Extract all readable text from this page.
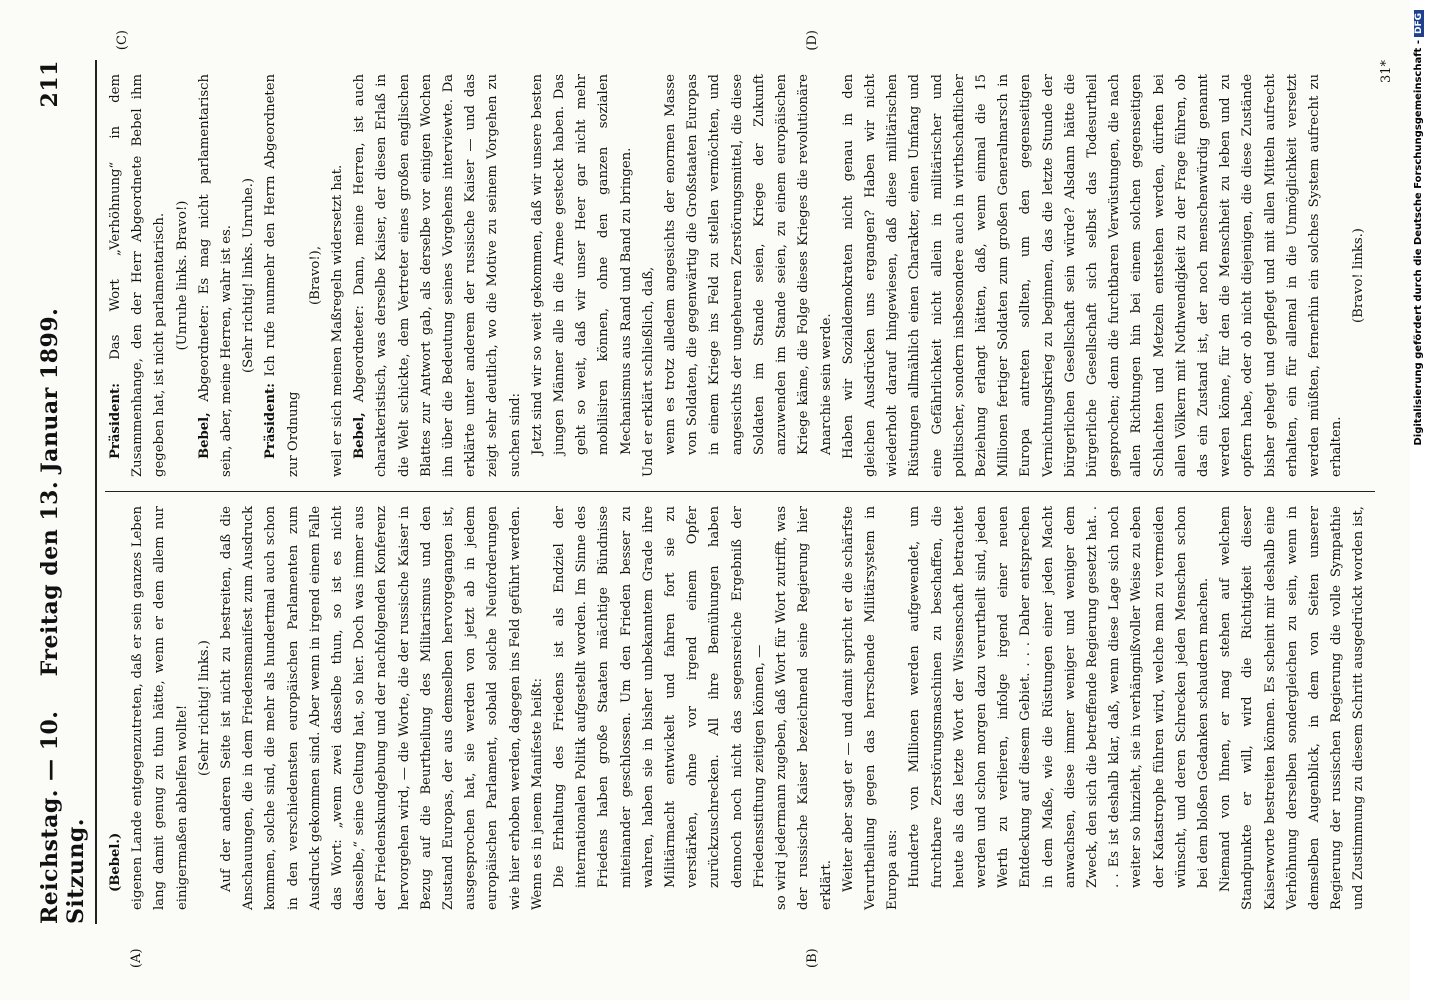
Reichstag. — 10. Sitzung.
Freitag den 13. Januar 1899.
211
(A)	(B)
(C)	(D)

(Bebel.) eigenen Lande entgegenzutreten, daß er sein ganzes Leben lang damit genug zu thun hätte, wenn er dem allem nur einigermaßen abhelfen wollte! (Sehr richtig! links.) Auf der anderen Seite ist nicht zu bestreiten, daß die Anschauungen, die in dem Friedensmanifest zum Ausdruck kommen, solche sind, die mehr als hundertmal auch schon in den verschiedensten europäischen Parlamenten zum Ausdruck gekommen sind. Aber wenn in irgend einem Falle das Wort: „wenn zwei dasselbe thun, so ist es nicht dasselbe,“ seine Geltung hat, so hier. Doch was immer aus der Friedenskundgebung und der nachfolgenden Konferenz hervorgehen wird, — die Worte, die der russische Kaiser in Bezug auf die Beurtheilung des Militarismus und den Zustand Europas, der aus demselben hervorgegangen ist, ausgesprochen hat, sie werden von jetzt ab in jedem europäischen Parlament, sobald solche Neuforderungen wie hier erhoben werden, dagegen ins Feld geführt werden. Wenn es in jenem Manifeste heißt: Die Erhaltung des Friedens ist als Endziel der internationalen Politik aufgestellt worden. Im Sinne des Friedens haben große Staaten mächtige Bündnisse miteinander geschlossen. Um den Frieden besser zu wahren, haben sie in bisher unbekanntem Grade ihre Militärmacht entwickelt und fahren fort sie zu verstärken, ohne vor irgend einem Opfer zurückzuschrecken. All ihre Bemühungen haben dennoch noch nicht das segensreiche Ergebniß der Friedensstiftung zeitigen können, — so wird jedermann zugeben, daß Wort für Wort zutrifft, was der russische Kaiser bezeichnend seine Regierung hier erklärt. Weiter aber sagt er — und damit spricht er die schärfste Verurtheilung gegen das herrschende Militärsystem in Europa aus: Hunderte von Millionen werden aufgewendet, um furchtbare Zerstörungsmaschinen zu beschaffen, die heute als das letzte Wort der Wissenschaft betrachtet werden und schon morgen dazu verurtheilt sind, jeden Werth zu verlieren, infolge irgend einer neuen Entdeckung auf diesem Gebiet. . . . Daher entsprechen in dem Maße, wie die Rüstungen einer jeden Macht anwachsen, diese immer weniger und weniger dem Zweck, den sich die betreffende Regierung gesetzt hat. . . . Es ist deshalb klar, daß, wenn diese Lage sich noch weiter so hinzieht, sie in verhängnißvoller Weise zu eben der Katastrophe führen wird, welche man zu vermeiden wünscht, und deren Schrecken jeden Menschen schon bei dem bloßen Gedanken schaudern machen. Niemand von Ihnen, er mag stehen auf welchem Standpunkte er will, wird die Richtigkeit dieser Kaiserworte bestreiten können. Es scheint mir deshalb eine Verhöhnung derselben sondergleichen zu sein, wenn in demselben Augenblick, in dem von Seiten unserer Regierung der russischen Regierung die volle Sympathie und Zustimmung zu diesem Schritt ausgedrückt worden ist,

Präsident: Das Wort „Verhöhnung“ in dem Zusammenhange, den der Herr Abgeordnete Bebel ihm gegeben hat, ist nicht parlamentarisch. (Unruhe links. Bravo!)

Bebel, Abgeordneter: Es mag nicht parlamentarisch sein, aber, meine Herren, wahr ist es. (Sehr richtig! links. Unruhe.)

Präsident: Ich rufe nunmehr den Herrn Abgeordneten zur Ordnung

(Bravo!), weil er sich meinen Maßregeln widersetzt hat. Bebel, Abgeordneter: Dann, meine Herren, ist auch charakteristisch, was derselbe Kaiser, der diesen Erlaß in die Welt schickte, dem Vertreter eines großen englischen Blattes zur Antwort gab, als derselbe vor einigen Wochen ihn über die Bedeutung seines Vorgehens interviewte. Da erklärte unter anderem der russische Kaiser — und das zeigt sehr deutlich, wo die Motive zu seinem Vorgehen zu suchen sind: Jetzt sind wir so weit gekommen, daß wir unsere besten jungen Männer alle in die Armee gesteckt haben. Das geht so weit, daß wir unser Heer gar nicht mehr mobilisiren können, ohne den ganzen sozialen Mechanismus aus Rand und Band zu bringen. Und er erklärt schließlich, daß, wenn es trotz alledem angesichts der enormen Masse von Soldaten, die gegenwärtig die Großstaaten Europas in einem Kriege ins Feld zu stellen vermöchten, und angesichts der ungeheuren Zerstörungsmittel, die diese Soldaten im Stande seien, Kriege der Zukunft anzuwenden im Stande seien, zu einem europäischen Kriege käme, die Folge dieses Krieges die revolutionäre Anarchie sein werde. Haben wir Sozialdemokraten nicht genau in den gleichen Ausdrücken uns ergangen? Haben wir nicht wiederholt darauf hingewiesen, daß diese militärischen Rüstungen allmählich einen Charakter, einen Umfang und eine Gefährlichkeit nicht allein in militärischer und politischer, sondern insbesondere auch in wirthschaftlicher Beziehung erlangt hätten, daß, wenn einmal die 15 Millionen fertiger Soldaten zum großen Generalmarsch in Europa antreten sollten, um den gegenseitigen Vernichtungskrieg zu beginnen, das die letzte Stunde der bürgerlichen Gesellschaft sein würde? Alsdann hätte die bürgerliche Gesellschaft sich selbst das Todesurtheil gesprochen; denn die furchtbaren Verwüstungen, die nach allen Richtungen hin bei einem solchen gegenseitigen Schlachten und Metzeln entstehen werden, dürften bei allen Völkern mit Nothwendigkeit zu der Frage führen, ob das ein Zustand ist, der noch menschenwürdig genannt werden könne, für den die Menschheit zu leben und zu opfern habe, oder ob nicht diejenigen, die diese Zustände bisher gehegt und gepflegt und mit allen Mitteln aufrecht erhalten, ein für allemal in die Unmöglichkeit versetzt werden müßten, fernerhin ein solches System aufrecht zu erhalten.

(Bravo! links.)

31* Digitalisierung gefördert durch die Deutsche Forschungsgemeinschaft -DFG
